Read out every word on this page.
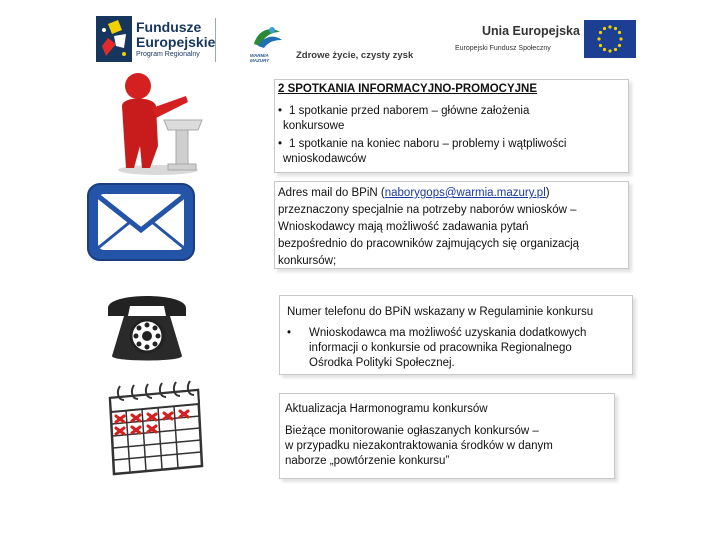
Fundusze
Europejskie
Program Regionalny	WARMIA MAZURY	Zdrowe życie, czysty zysk
Unia Europejska
Europejski Fundusz Społeczny
2 SPOTKANIA INFORMACYJNO-PROMOCYJNE
• 1 spotkanie przed naborem – główne założenia
konkursowe
• 1 spotkanie na koniec naboru – problemy i wątpliwości
wnioskodawców
Adres mail do BPiN (naborygops@warmia.mazury.pl)
przeznaczony specjalnie na potrzeby naborów wniosków –
Wnioskodawcy mają możliwość zadawania pytań
bezpośrednio do pracowników zajmujących się organizacją
konkursów;
Numer telefonu do BPiN wskazany w Regulaminie konkursu
• Wnioskodawca ma możliwość uzyskania dodatkowych
informacji o konkursie od pracownika Regionalnego
Ośrodka Polityki Społecznej.
Aktualizacja Harmonogramu konkursów
Bieżące monitorowanie ogłaszanych konkursów –
w przypadku niezakontraktowania środków w danym
naborze „powtórzenie konkursu”
